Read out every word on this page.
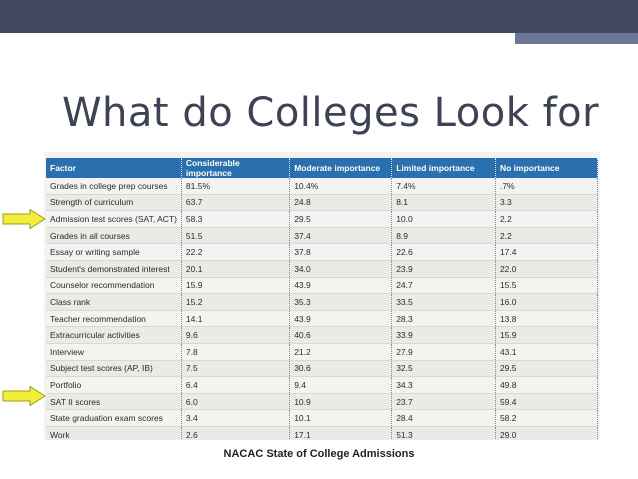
What do Colleges Look for
Factor	Considerable importance	Moderate importance	Limited importance	No importance
Grades in college prep courses	81.5%	10.4%	7.4%	.7%
Strength of curriculum	63.7	24.8	8.1	3.3
Admission test scores (SAT, ACT)	58.3	29.5	10.0	2.2
Grades in all courses	51.5	37.4	8.9	2.2
Essay or writing sample	22.2	37.8	22.6	17.4
Student's demonstrated interest	20.1	34.0	23.9	22.0
Counselor recommendation	15.9	43.9	24.7	15.5
Class rank	15.2	35.3	33.5	16.0
Teacher recommendation	14.1	43.9	28.3	13.8
Extracurricular activities	9.6	40.6	33.9	15.9
Interview	7.8	21.2	27.9	43.1
Subject test scores (AP, IB)	7.5	30.6	32.5	29.5
Portfolio	6.4	9.4	34.3	49.8
SAT II scores	6.0	10.9	23.7	59.4
State graduation exam scores	3.4	10.1	28.4	58.2
Work	2.6	17.1	51.3	29.0
NACAC State of College Admissions
